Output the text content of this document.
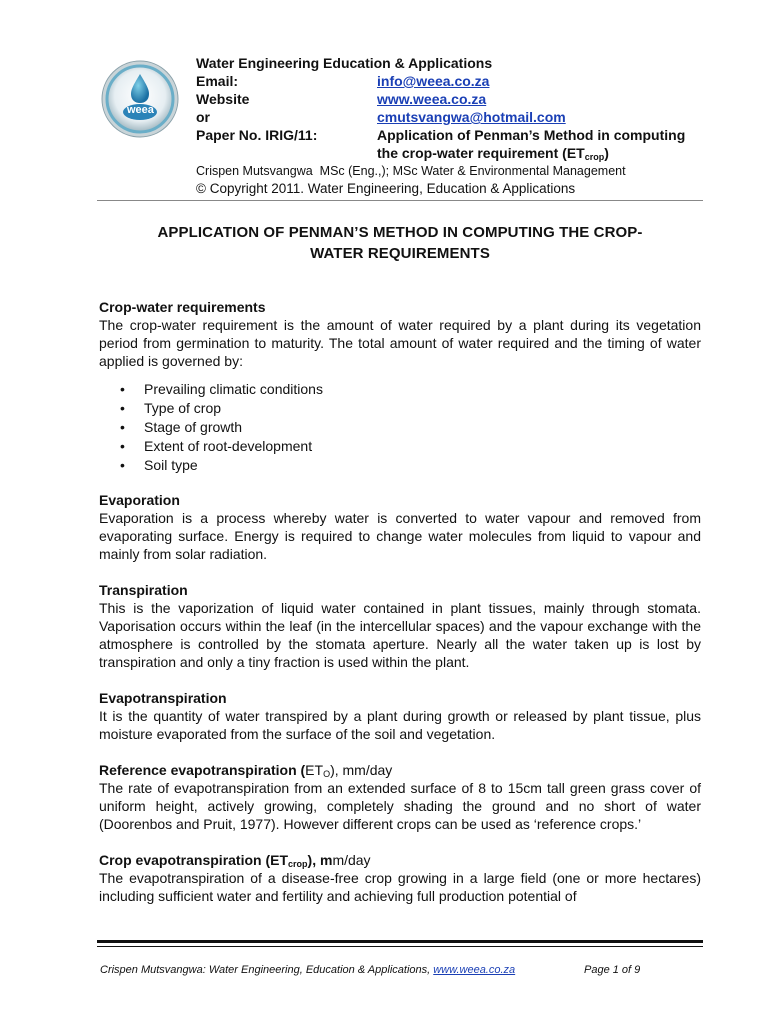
weea
Water Engineering Education & Applications
Email:	info@weea.co.za
Website	www.weea.co.za
or	cmutsvangwa@hotmail.com
Paper No. IRIG/11:	Application of Penman’s Method in computing
the crop-water requirement $(ET_{crop})$
Crispen Mutsvangwa MSc (Eng.,); MSc Water & Environmental Management
© Copyright 2011. Water Engineering, Education & Applications
APPLICATION OF PENMAN’S METHOD IN COMPUTING THE CROP-
WATER REQUIREMENTS

Crop-water requirements

The crop-water requirement is the amount of water required by a plant during its vegetation period from germination to maturity. The total amount of water required and the timing of water applied is governed by:

• Prevailing climatic conditions
• Type of crop
• Stage of growth
• Extent of root-development
• Soil type

Evaporation

Evaporation is a process whereby water is converted to water vapour and removed from evaporating surface. Energy is required to change water molecules from liquid to vapour and mainly from solar radiation.

Transpiration

This is the vaporization of liquid water contained in plant tissues, mainly through stomata. Vaporisation occurs within the leaf (in the intercellular spaces) and the vapour exchange with the atmosphere is controlled by the stomata aperture. Nearly all the water taken up is lost by transpiration and only a tiny fraction is used within the plant.

Evapotranspiration

It is the quantity of water transpired by a plant during growth or released by plant tissue, plus moisture evaporated from the surface of the soil and vegetation.

Reference evapotranspiration $(ET_O)$, mm/day

The rate of evapotranspiration from an extended surface of 8 to 15cm tall green grass cover of uniform height, actively growing, completely shading the ground and no short of water (Doorenbos and Pruit, 1977). However different crops can be used as ‘reference crops.’

Crop evapotranspiration $(ET_{crop})$, mm/day

The evapotranspiration of a disease-free crop growing in a large field (one or more hectares) including sufficient water and fertility and achieving full production potential of

Crispen Mutsvangwa: Water Engineering, Education & Applications, www.weea.co.za	Page 1 of 9
